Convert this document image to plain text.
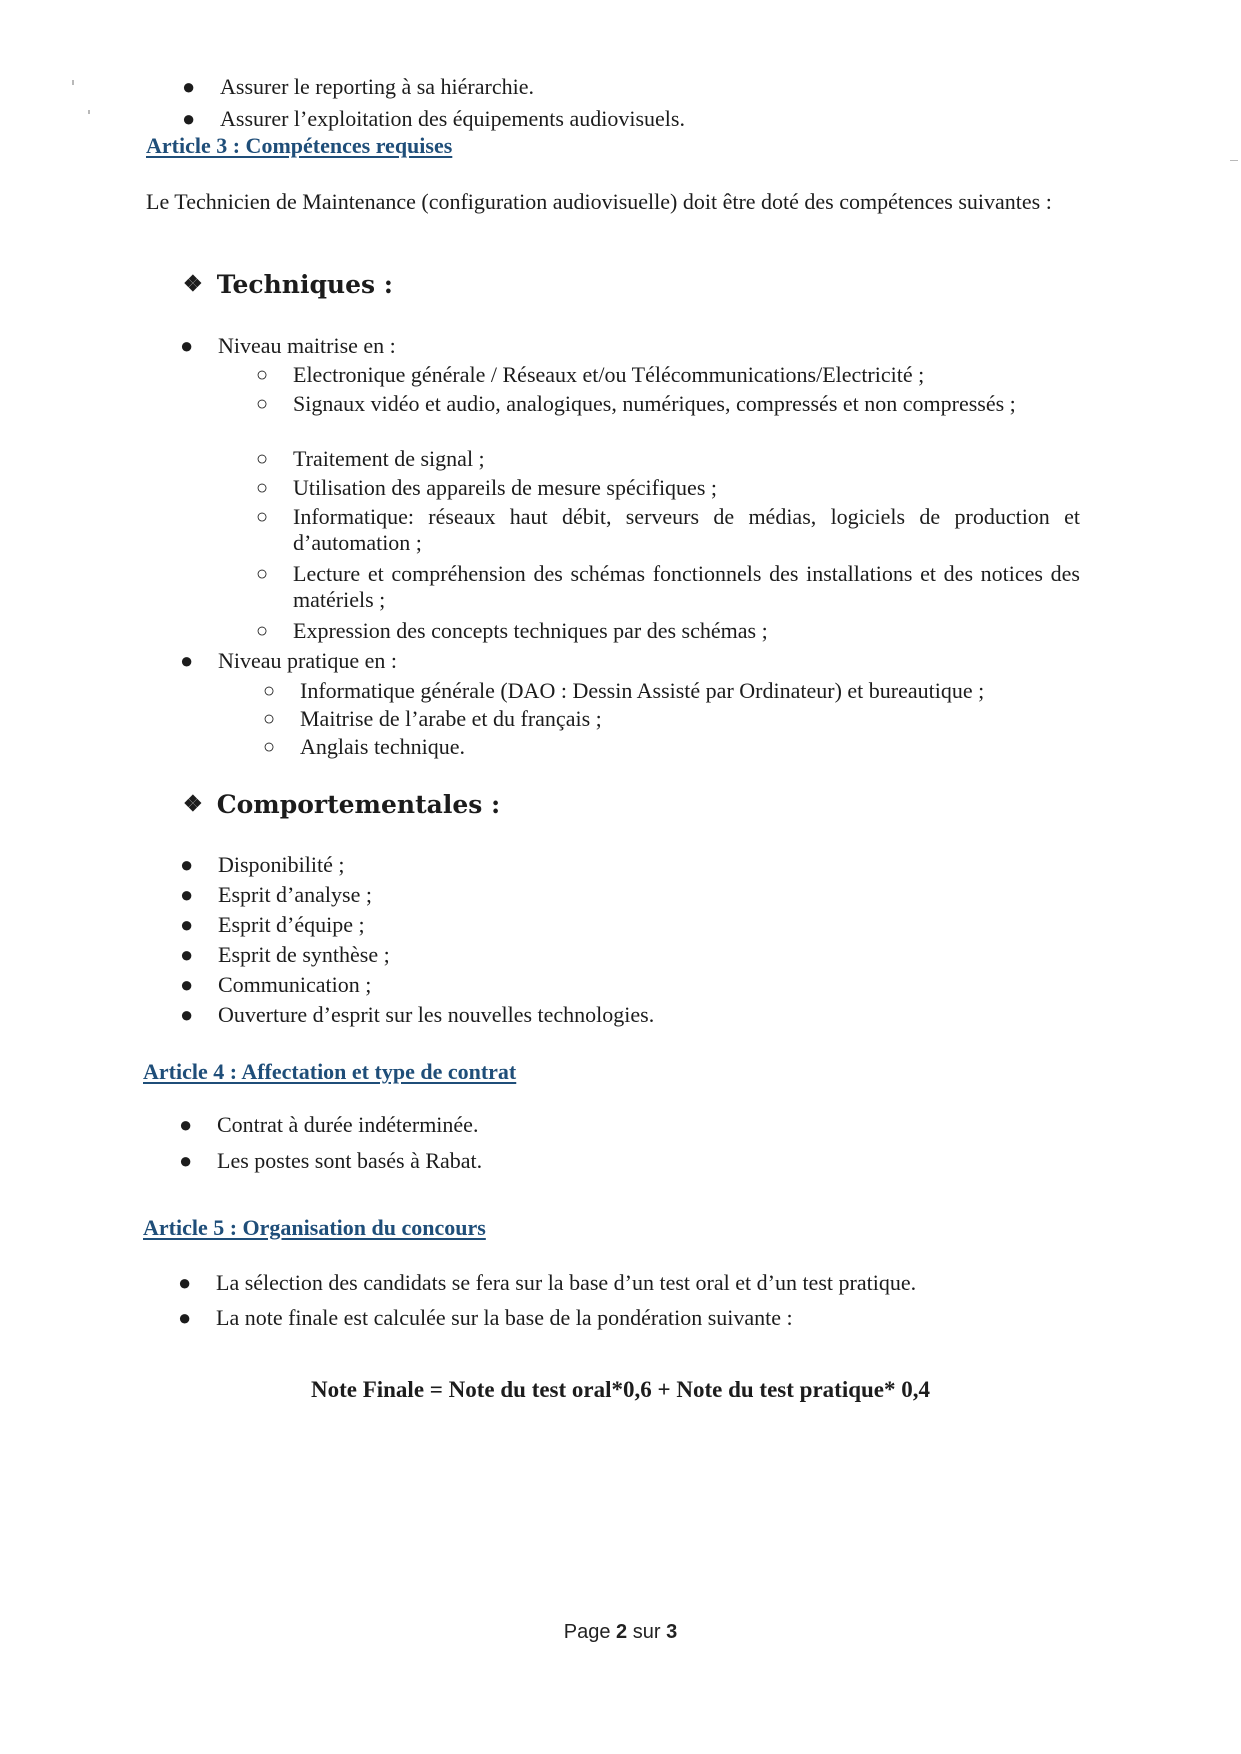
● Assurer le reporting à sa hiérarchie.
● Assurer l’exploitation des équipements audiovisuels.
Article 3 : Compétences requises
Le Technicien de Maintenance (configuration audiovisuelle) doit être doté des compétences suivantes :
❖ Techniques :
● Niveau maitrise en :
○ Electronique générale / Réseaux et/ou Télécommunications/Electricité ;
○ Signaux vidéo et audio, analogiques, numériques, compressés et non compressés ;
○ Traitement de signal ;
○ Utilisation des appareils de mesure spécifiques ;
○ Informatique: réseaux haut débit, serveurs de médias, logiciels de production et d’automation ;
○ Lecture et compréhension des schémas fonctionnels des installations et des notices des matériels ;
○ Expression des concepts techniques par des schémas ;
● Niveau pratique en :
○ Informatique générale (DAO : Dessin Assisté par Ordinateur) et bureautique ;
○ Maitrise de l’arabe et du français ;
○ Anglais technique.
❖ Comportementales :
● Disponibilité ;
● Esprit d’analyse ;
● Esprit d’équipe ;
● Esprit de synthèse ;
● Communication ;
● Ouverture d’esprit sur les nouvelles technologies.
Article 4 : Affectation et type de contrat
● Contrat à durée indéterminée.
● Les postes sont basés à Rabat.
Article 5 : Organisation du concours
● La sélection des candidats se fera sur la base d’un test oral et d’un test pratique.
● La note finale est calculée sur la base de la pondération suivante :
Note Finale = Note du test oral*0,6 + Note du test pratique* 0,4
Page 2 sur 3
